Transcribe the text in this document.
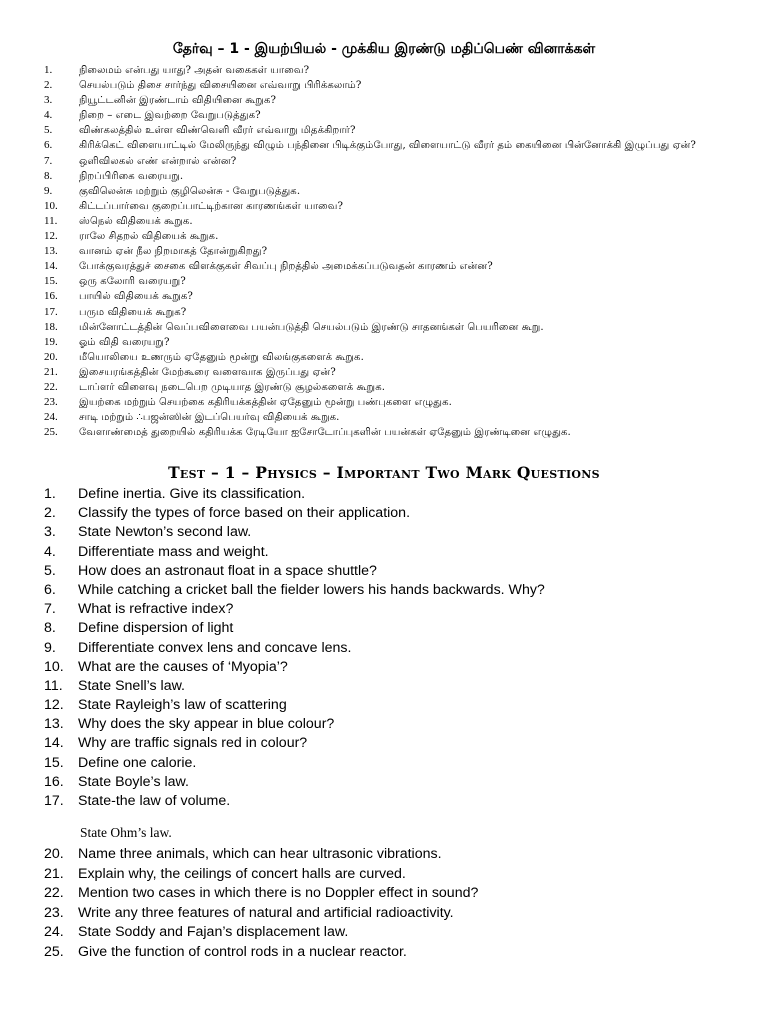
தேர்வு – 1 - இயற்பியல் - முக்கிய இரண்டு மதிப்பெண் வினாக்கள்
1.	நிலைமம் என்பது யாது? அதன் வகைகள் யாவை?
2.	செயல்படும் திசை சார்ந்து விசையினை எவ்வாறு பிரிக்கலாம்?
3.	நியூட்டனின் இரண்டாம் விதியினை கூறுக?
4.	நிறை – எடை இவற்றை வேறுபடுத்துக?
5.	விண்கலத்தில் உள்ள விண்வெளி வீரர் எவ்வாறு மிதக்கிறார்?
6.	கிரிக்கெட் விளையாட்டில் மேலிருந்து விழும் பந்தினை பிடிக்கும்போது, விளையாட்டு வீரர் தம் கையினை பின்னோக்கி இழுப்பது ஏன்?
7.	ஒளிவிலகல் எண் என்றால் என்ன?
8.	நிறப்பிரிகை வரையறு.
9.	குவிலென்சு மற்றும் குழிலென்சு - வேறுபடுத்துக.
10.	கிட்டப்பார்வை குறைப்பாட்டிற்கான காரணங்கள் யாவை?
11.	ஸ்நெல் விதியைக் கூறுக.
12.	ராலே சிதறல் விதியைக் கூறுக.
13.	வானம் ஏன் நீல நிறமாகத் தோன்றுகிறது?
14.	போக்குவரத்துச் சைகை விளக்குகள் சிவப்பு நிறத்தில் அமைக்கப்படுவதன் காரணம் என்ன?
15.	ஒரு கலோரி வரையறு?
16.	பாயில் விதியைக் கூறுக?
17.	பரும விதியைக் கூறுக?
18.	மின்னோட்டத்தின் வெப்பவிளைவை பயன்படுத்தி செயல்படும் இரண்டு சாதனங்கள் பெயரினை கூறு.
19.	ஓம் விதி வரையறு?
20.	மீயொலியை உணரும் ஏதேனும் மூன்று விலங்குகளைக் கூறுக.
21.	இசையரங்கத்தின் மேற்கூரை வளைவாக இருப்பது ஏன்?
22.	டாப்ளர் விளைவு நடைபெற முடியாத இரண்டு சூழல்களைக் கூறுக.
23.	இயற்கை மற்றும் செயற்கை கதிரியக்கத்தின் ஏதேனும் மூன்று பண்புகளை எழுதுக.
24.	சாடி மற்றும் ∴பஜன்ஸின் இடப்பெயர்வு விதியைக் கூறுக.
25.	வேளாண்மைத் துறையில் கதிரியக்க ரேடியோ ஐசோடோப்புகளின் பயன்கள் ஏதேனும் இரண்டினை எழுதுக.
Test – 1 – Physics – Important Two Mark Questions
1.	Define inertia. Give its classification.
2.	Classify the types of force based on their application.
3.	State Newton’s second law.
4.	Differentiate mass and weight.
5.	How does an astronaut float in a space shuttle?
6.	While catching a cricket ball the fielder lowers his hands backwards. Why?
7.	What is refractive index?
8.	Define dispersion of light
9.	Differentiate convex lens and concave lens.
10.	What are the causes of ‘Myopia’?
11.	State Snell’s law.
12.	State Rayleigh’s law of scattering
13.	Why does the sky appear in blue colour?
14.	Why are traffic signals red in colour?
15.	Define one calorie.
16.	State Boyle’s law.
17.	State-the law of volume.
State Ohm’s law.
20.	Name three animals, which can hear ultrasonic vibrations.
21.	Explain why, the ceilings of concert halls are curved.
22.	Mention two cases in which there is no Doppler effect in sound?
23.	Write any three features of natural and artificial radioactivity.
24.	State Soddy and Fajan’s displacement law.
25.	Give the function of control rods in a nuclear reactor.
